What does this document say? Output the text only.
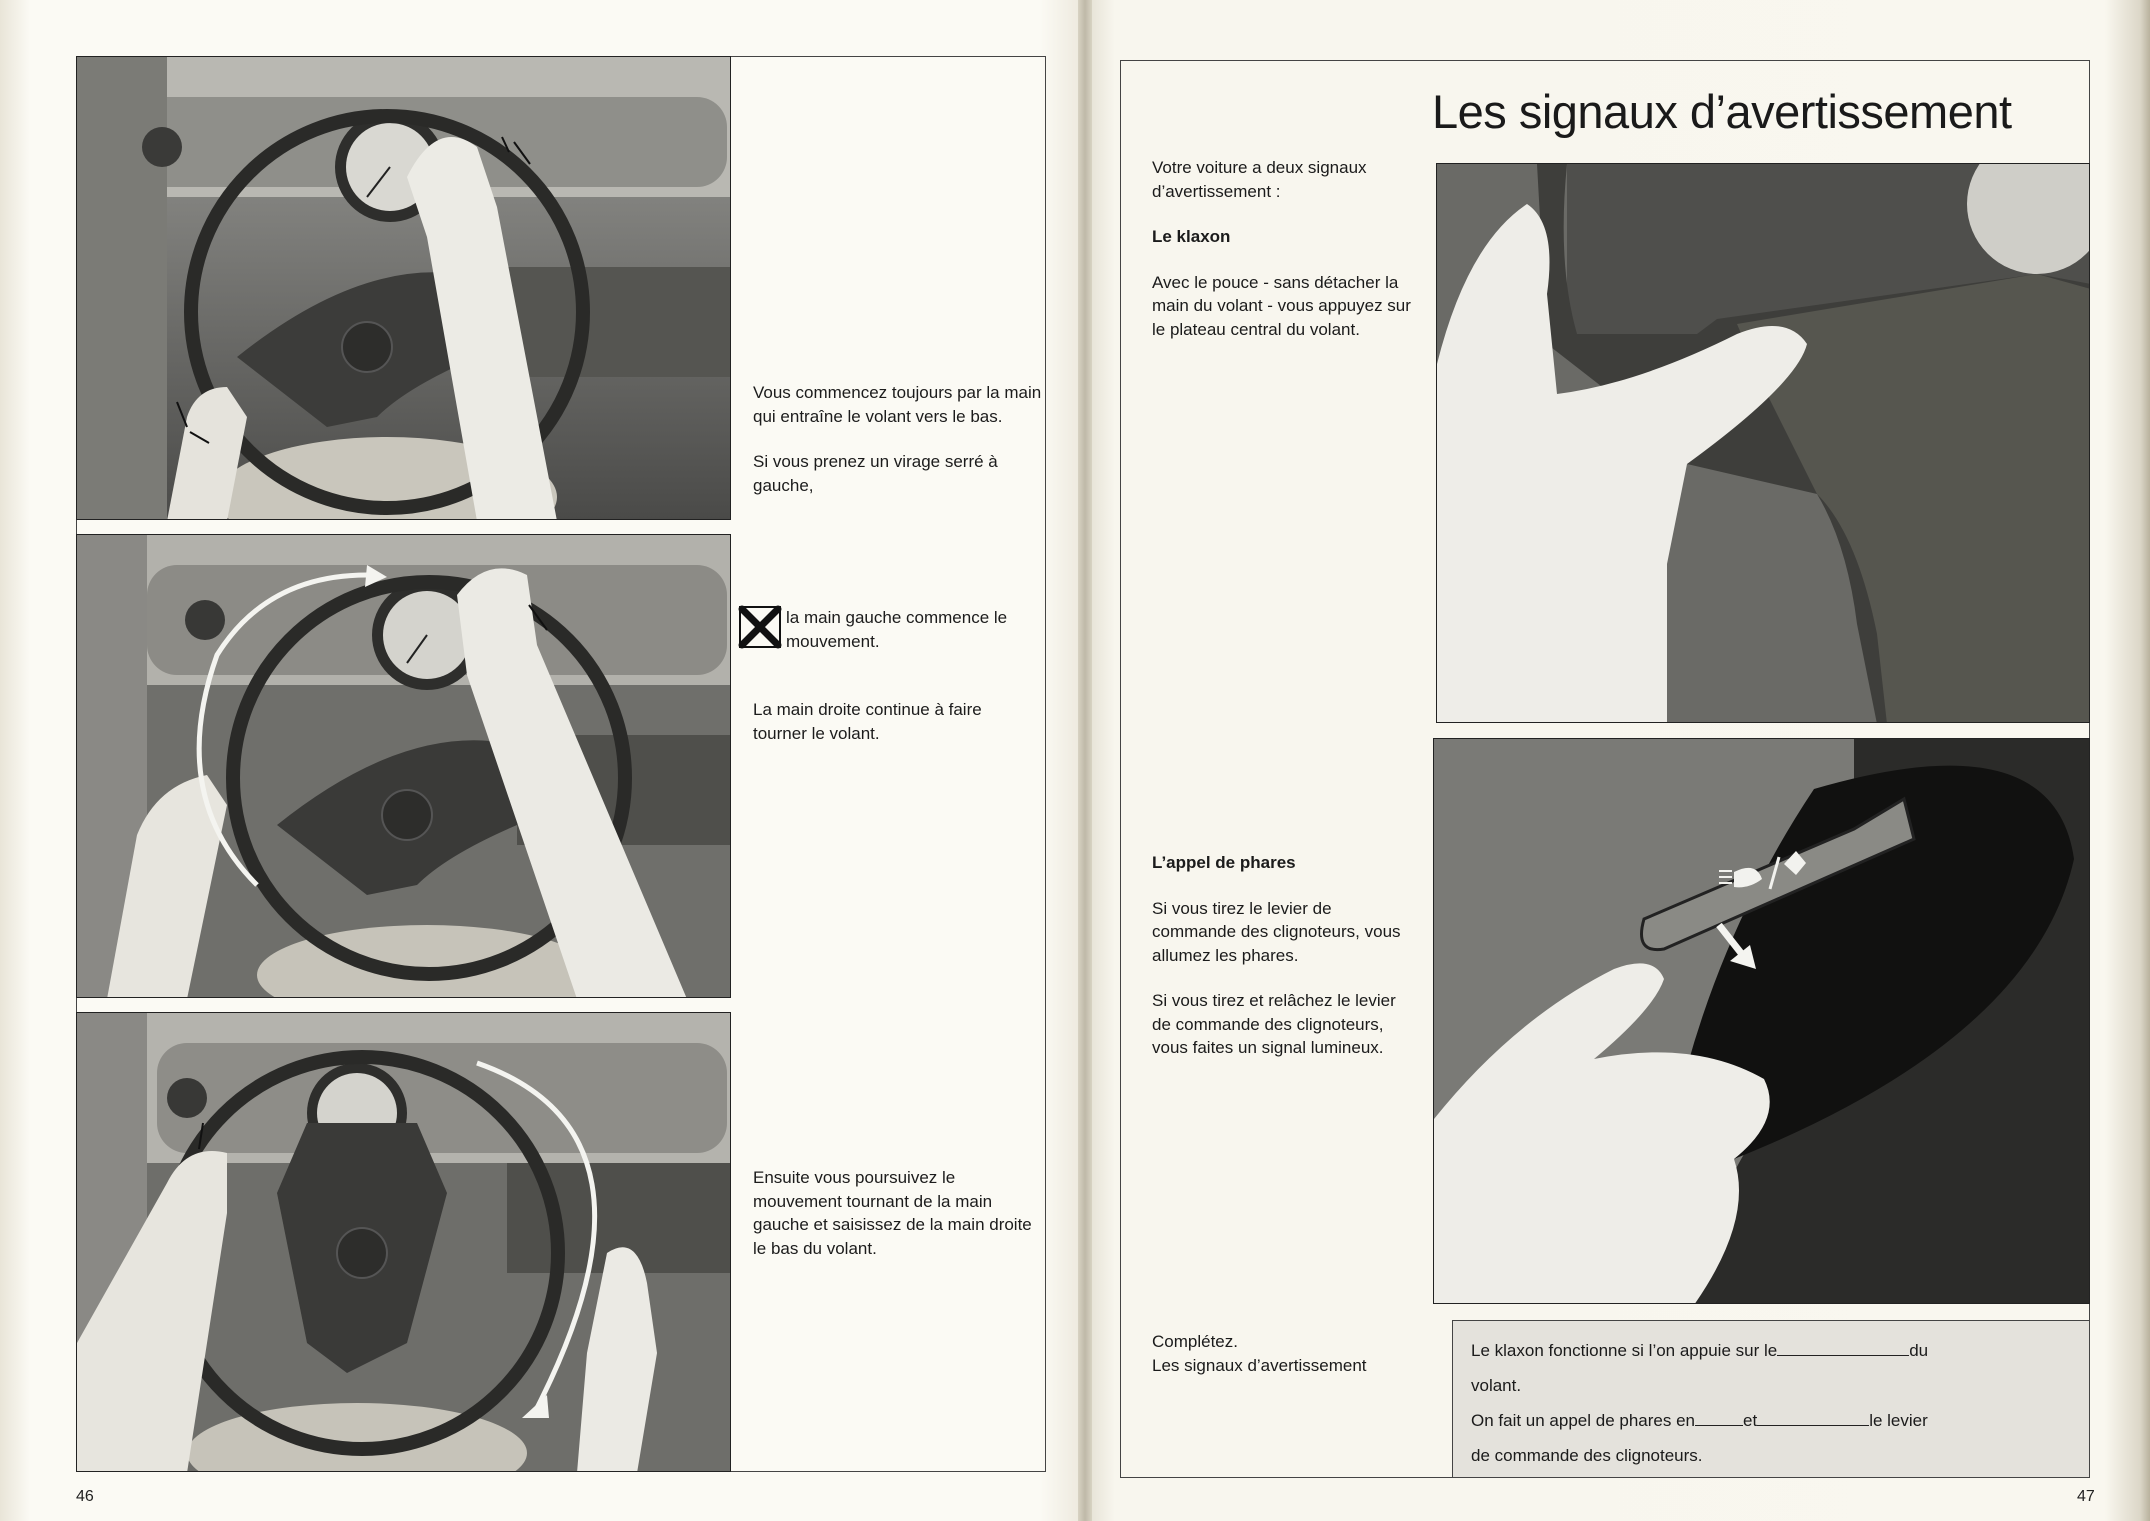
Vous commencez toujours par la main qui entraîne le volant vers le bas.

Si vous prenez un virage serré à gauche,

la main gauche commence le mouvement.
La main droite continue à faire tourner le volant.
Ensuite vous poursuivez le mouvement tournant de la main gauche et saisissez de la main droite le bas du volant.
46
Les signaux d’avertissement

Votre voiture a deux signaux d’avertissement :

Le klaxon

Avec le pouce - sans détacher la main du volant - vous appuyez sur le plateau central du volant.

L’appel de phares

Si vous tirez le levier de commande des clignoteurs, vous allumez les phares.

Si vous tirez et relâchez le levier de commande des clignoteurs, vous faites un signal lumineux.

Complétez.
Les signaux d’avertissement
Le klaxon fonctionne si l’on appuie sur le	du
volant.
On fait un appel de phares en	et	le levier
de commande des clignoteurs.
47
